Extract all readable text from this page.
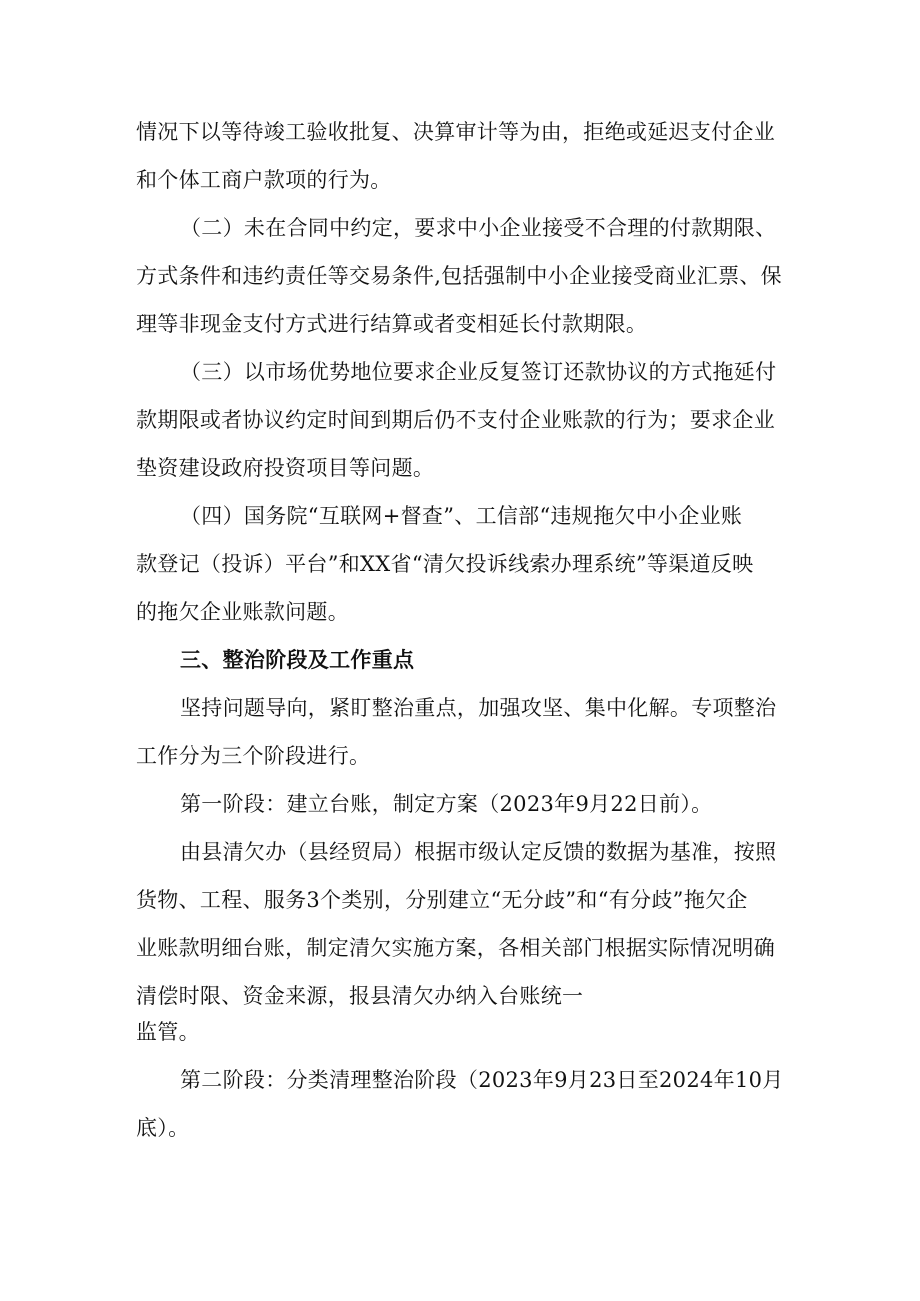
情况下以等待竣工验收批复、决算审计等为由，拒绝或延迟支付企业
和个体工商户款项的行为。
（二）未在合同中约定，要求中小企业接受不合理的付款期限、
方式条件和违约责任等交易条件,包括强制中小企业接受商业汇票、保
理等非现金支付方式进行结算或者变相延长付款期限。
（三）以市场优势地位要求企业反复签订还款协议的方式拖延付
款期限或者协议约定时间到期后仍不支付企业账款的行为；要求企业
垫资建设政府投资项目等问题。
（四）国务院“互联网+督查”、工信部“违规拖欠中小企业账
款登记（投诉）平台”和XX省“清欠投诉线索办理系统”等渠道反映
的拖欠企业账款问题。
三、整治阶段及工作重点
坚持问题导向，紧盯整治重点，加强攻坚、集中化解。专项整治
工作分为三个阶段进行。
第一阶段：建立台账，制定方案（2023年9月22日前）。
由县清欠办（县经贸局）根据市级认定反馈的数据为基准，按照
货物、工程、服务3个类别，分别建立“无分歧”和“有分歧”拖欠企
业账款明细台账，制定清欠实施方案，各相关部门根据实际情况明确
清偿时限、资金来源，报县清欠办纳入台账统一
监管。
第二阶段：分类清理整治阶段（2023年9月23日至2024年10月
底）。
